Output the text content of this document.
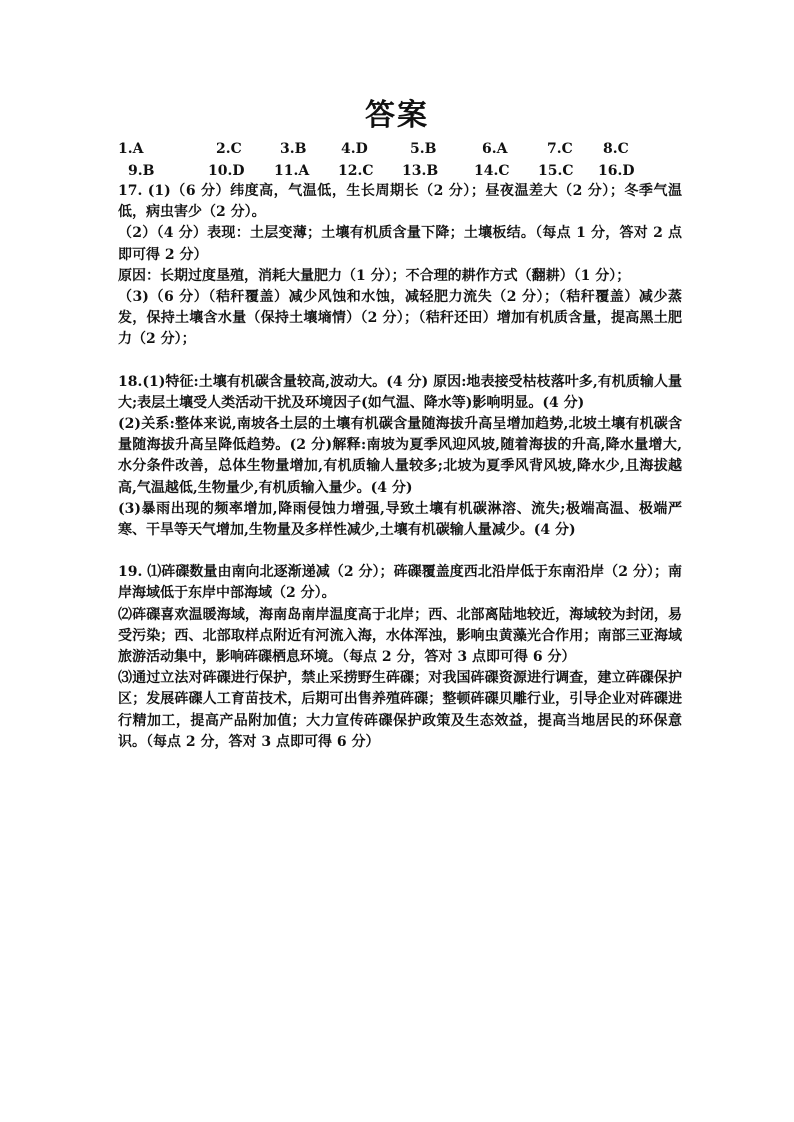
答案
1.A	2.C	3.B 4.D	5.B	6.A	7.C 8.C
9.B	10.D 11.A 12.C 13.B	14.C 15.C 16.D

17. (1)（6 分）纬度高，气温低，生长周期长（2 分）；昼夜温差大（2 分）；冬季气温低，病虫害少（2 分）。

（2）（4 分）表现：土层变薄；土壤有机质含量下降；土壤板结。（每点 1 分，答对 2 点即可得 2 分）

原因：长期过度垦殖，消耗大量肥力（1 分）；不合理的耕作方式（翻耕）（1 分）；

（3)（6 分）（秸秆覆盖）减少风蚀和水蚀，减轻肥力流失（2 分）；（秸秆覆盖）减少蒸发，保持土壤含水量（保持土壤墒情）（2 分）；（秸秆还田）增加有机质含量，提高黑土肥力（2 分）；

18.(1)特征:土壤有机碳含量较高,波动大。(4 分) 原因:地表接受枯枝落叶多,有机质输人量大;表层土壤受人类活动干扰及环境因子(如气温、降水等)影响明显。(4 分)

(2)关系:整体来说,南坡各土层的土壤有机碳含量随海拔升高呈增加趋势,北坡土壤有机碳含量随海拔升高呈降低趋势。(2 分)解释:南坡为夏季风迎风坡,随着海拔的升高,降水量增大,水分条件改善，总体生物量增加,有机质输人量较多;北坡为夏季风背风坡,降水少,且海拔越高,气温越低,生物量少,有机质输入量少。(4 分)

(3)暴雨出现的频率增加,降雨侵蚀力增强,导致土壤有机碳淋溶、流失;极端高温、极端严寒、干旱等天气增加,生物量及多样性减少,土壤有机碳输人量减少。(4 分)

19. ⑴砗磲数量由南向北逐渐递减（2 分）；砗磲覆盖度西北沿岸低于东南沿岸（2 分）；南岸海域低于东岸中部海域（2 分）。

⑵砗磲喜欢温暖海域，海南岛南岸温度高于北岸；西、北部离陆地较近，海域较为封闭，易受污染；西、北部取样点附近有河流入海，水体浑浊，影响虫黄藻光合作用；南部三亚海域旅游活动集中，影响砗磲栖息环境。（每点 2 分，答对 3 点即可得 6 分）

⑶通过立法对砗磲进行保护，禁止采捞野生砗磲；对我国砗磲资源进行调查，建立砗磲保护区；发展砗磲人工育苗技术，后期可出售养殖砗磲；整顿砗磲贝雕行业，引导企业对砗磲进行精加工，提高产品附加值；大力宣传砗磲保护政策及生态效益，提高当地居民的环保意识。（每点 2 分，答对 3 点即可得 6 分）
